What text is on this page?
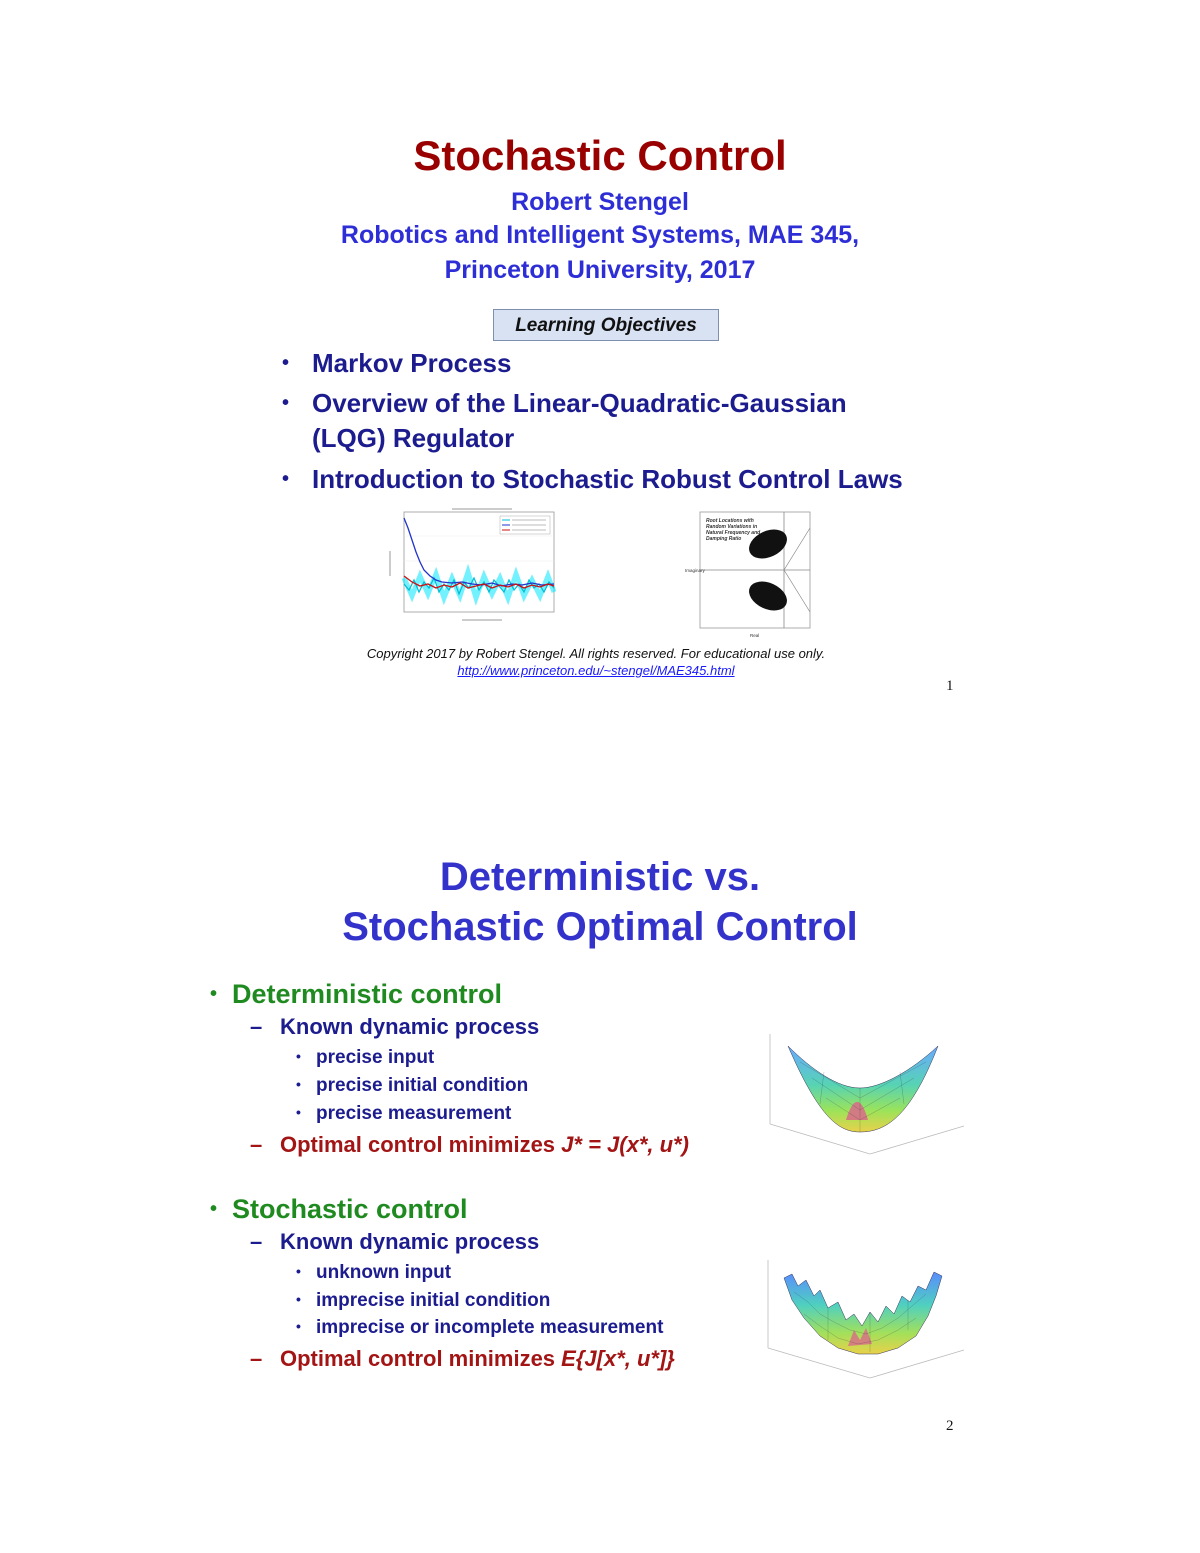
Stochastic Control
Robert Stengel
Robotics and Intelligent Systems, MAE 345,
Princeton University, 2017
Learning Objectives
• Markov Process
• Overview of the Linear-Quadratic-Gaussian
(LQG) Regulator
• Introduction to Stochastic Robust Control Laws
Root Locations with
Random Variations in
Natural Frequency and
Damping Ratio
Imaginary
Real
Copyright 2017 by Robert Stengel. All rights reserved. For educational use only.
http://www.princeton.edu/~stengel/MAE345.html
1
Deterministic vs.
Stochastic Optimal Control
• Deterministic control
– Known dynamic process
• precise input
• precise initial condition
• precise measurement
– Optimal control minimizes J* = J(x*, u*)
• Stochastic control
– Known dynamic process
• unknown input
• imprecise initial condition
• imprecise or incomplete measurement
– Optimal control minimizes E{J[x*, u*]}
2
